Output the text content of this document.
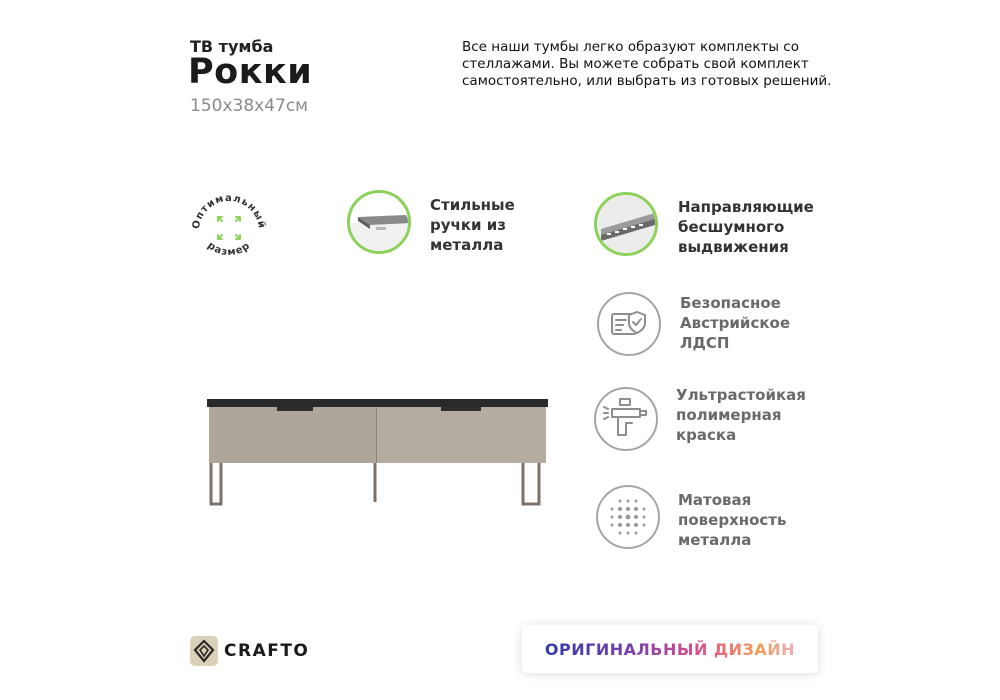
ТВ тумба
Рокки
150х38х47см
Все наши тумбы легко образуют комплекты со стеллажами. Вы можете собрать свой комплект самостоятельно, или выбрать из готовых решений.
Оптимальный
размер
Стильные
ручки из
металла
Направляющие
бесшумного
выдвижения
Безопасное
Австрийское
ЛДСП
Ультрастойкая
полимерная
краска
Матовая
поверхность
металла
CRAFTO	ОРИГИНАЛЬНЫЙ ДИЗАЙН
